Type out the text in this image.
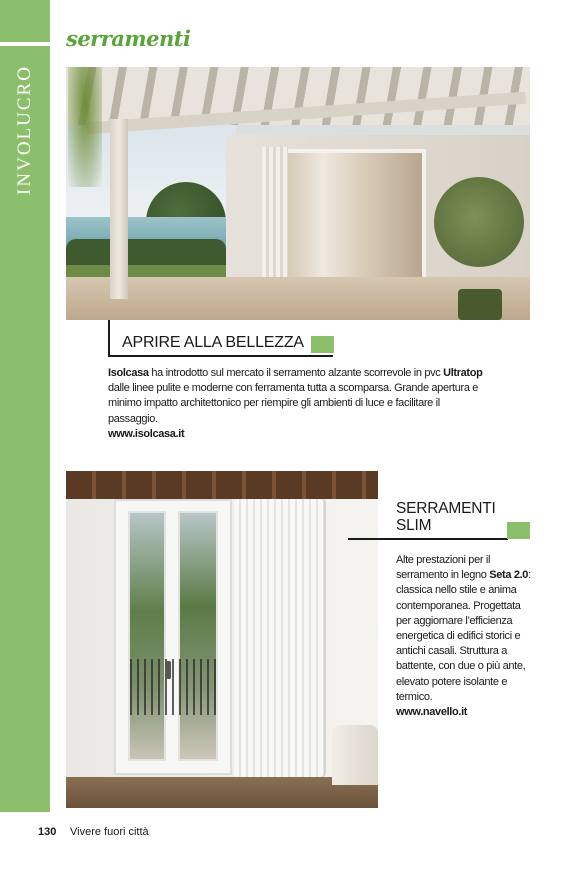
INVOLUCRO
serramenti
APRIRE ALLA BELLEZZA
Isolcasa ha introdotto sul mercato il serramento alzante scorrevole in pvc Ultratop dalle linee pulite e moderne con ferramenta tutta a scomparsa. Grande apertura e minimo impatto architettonico per riempire gli ambienti di luce e facilitare il passaggio.
www.isolcasa.it
SERRAMENTI
SLIM
Alte prestazioni per il serramento in legno Seta 2.0: classica nello stile e anima contemporanea. Progettata per aggiornare l’efficienza energetica di edifici storici e antichi casali. Struttura a battente, con due o più ante, elevato potere isolante e termico.
www.navello.it
130 Vivere fuori città
